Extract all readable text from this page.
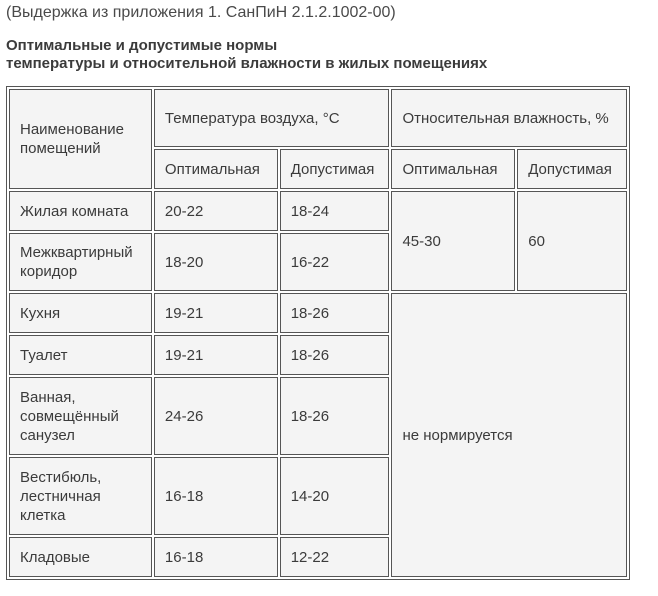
(Выдержка из приложения 1. СанПиН 2.1.2.1002-00)
Оптимальные и допустимые нормы
температуры и относительной влажности в жилых помещениях
Наименование помещений	Температура воздуха, °С		Относительная влажность, %	
	Оптимальная	Допустимая	Оптимальная	Допустимая
Жилая комната	20-22	18-24	45-30	60
Межквартирный коридор	18-20	16-22		
Кухня	19-21	18-26	не нормируется	
Туалет	19-21	18-26		
Ванная, совмещённый санузел	24-26	18-26		
Вестибюль, лестничная клетка	16-18	14-20		
Кладовые	16-18	12-22		
